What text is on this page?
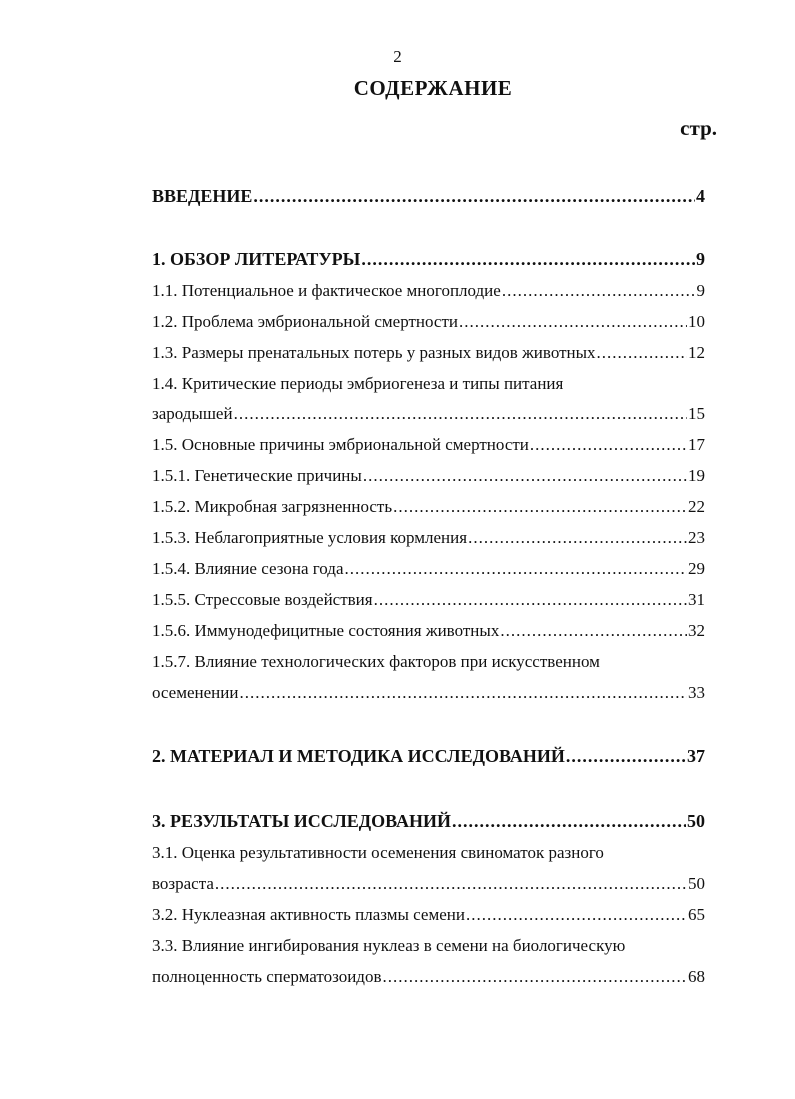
2
СОДЕРЖАНИЕ
стр.
ВВЕДЕНИЕ .....	4
1. ОБЗОР ЛИТЕРАТУРЫ .....	9
1.1. Потенциальное и фактическое многоплодие .....	9
1.2. Проблема эмбриональной смертности .....	10
1.3. Размеры пренатальных потерь у разных видов животных .....	12
1.4. Критические периоды эмбриогенеза и типы питания
зародышей .....	15
1.5. Основные причины эмбриональной смертности .....	17
1.5.1. Генетические причины .....	19
1.5.2. Микробная загрязненность .....	22
1.5.3. Неблагоприятные условия кормления .....	23
1.5.4. Влияние сезона года .....	29
1.5.5. Стрессовые воздействия .....	31
1.5.6. Иммунодефицитные состояния животных .....	32
1.5.7. Влияние технологических факторов при искусственном
осеменении .....	33
2. МАТЕРИАЛ И МЕТОДИКА ИССЛЕДОВАНИЙ .....	37
3. РЕЗУЛЬТАТЫ ИССЛЕДОВАНИЙ .....	50
3.1. Оценка результативности осеменения свиноматок разного
возраста .....	50
3.2. Нуклеазная активность плазмы семени .....	65
3.3. Влияние ингибирования нуклеаз в семени на биологическую
полноценность сперматозоидов .....	68
